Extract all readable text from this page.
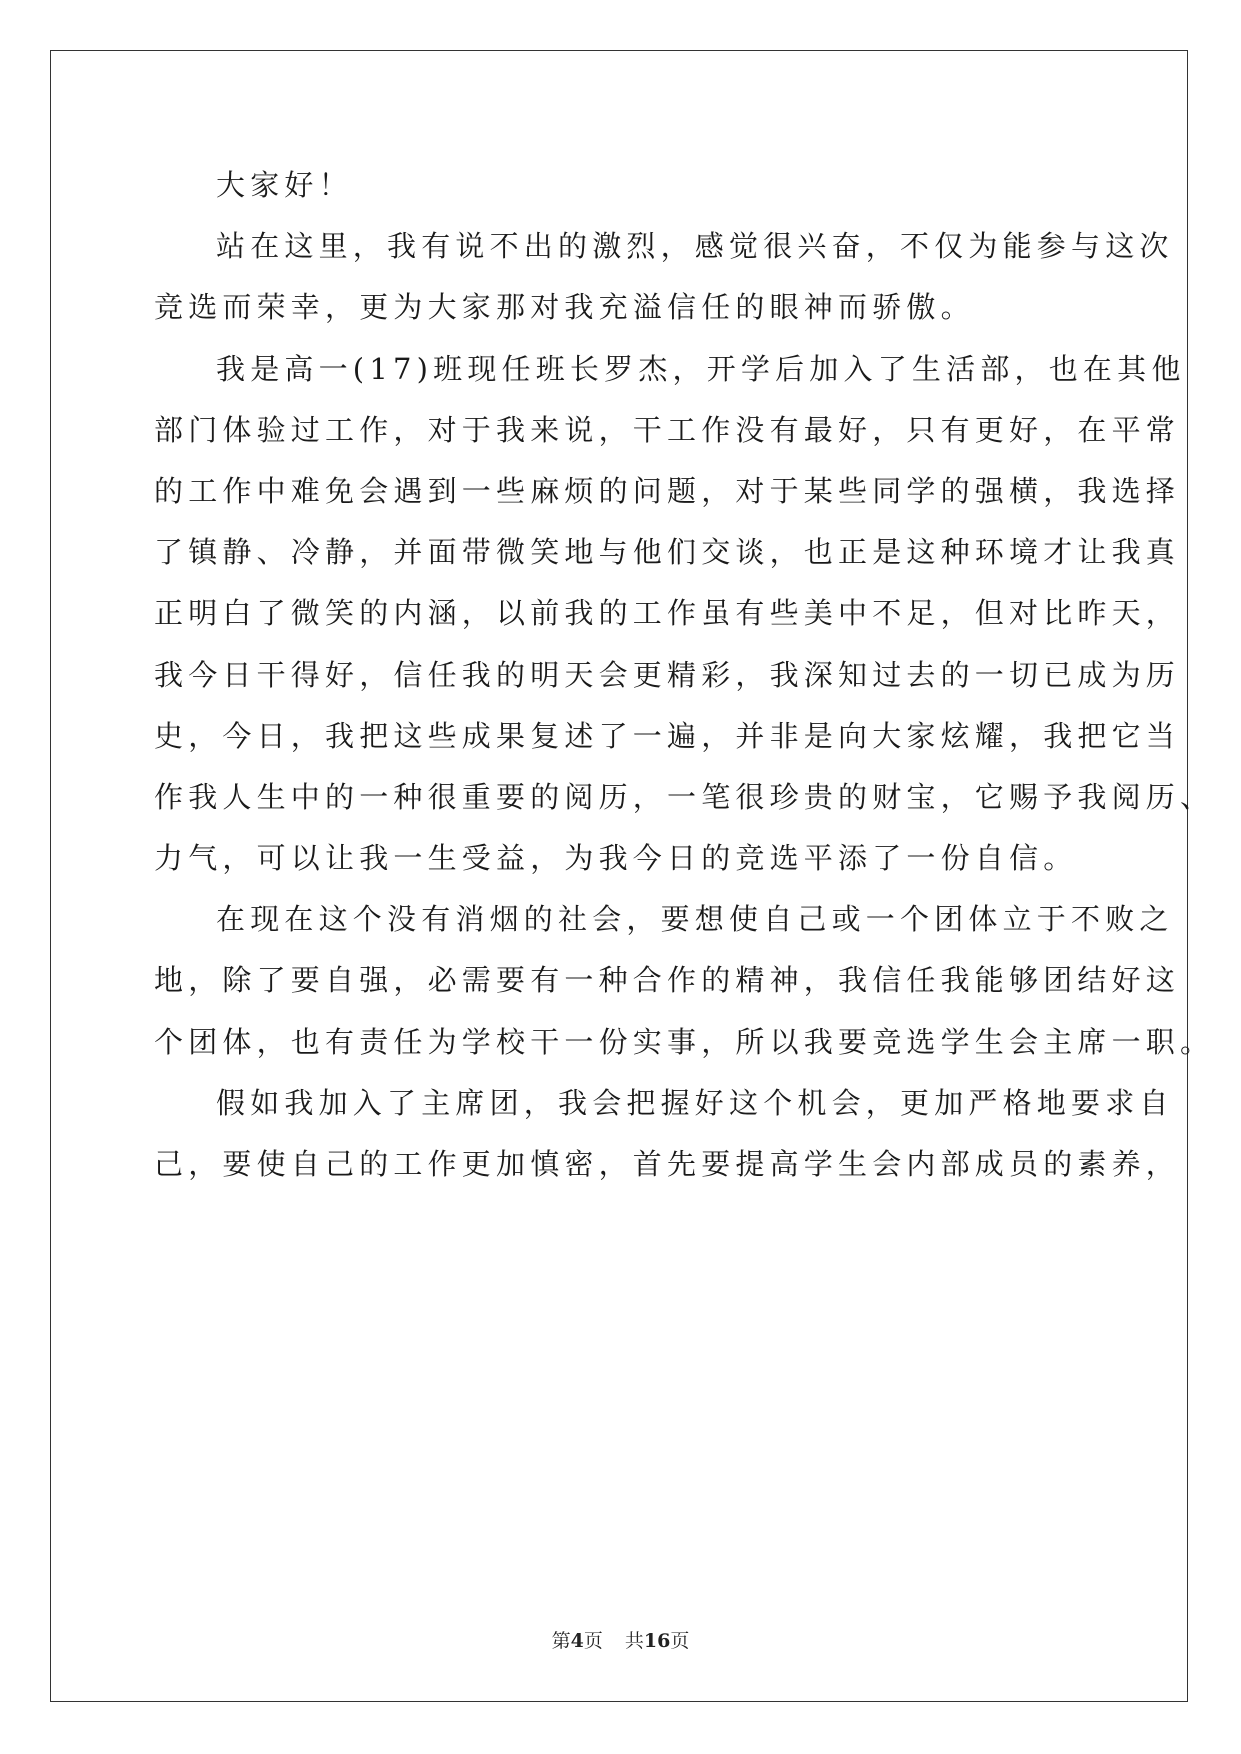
大家好！
站在这里，我有说不出的激烈，感觉很兴奋，不仅为能参与这次
竞选而荣幸，更为大家那对我充溢信任的眼神而骄傲。
我是高一(17)班现任班长罗杰，开学后加入了生活部，也在其他
部门体验过工作，对于我来说，干工作没有最好，只有更好，在平常
的工作中难免会遇到一些麻烦的问题，对于某些同学的强横，我选择
了镇静、冷静，并面带微笑地与他们交谈，也正是这种环境才让我真
正明白了微笑的内涵，以前我的工作虽有些美中不足，但对比昨天，
我今日干得好，信任我的明天会更精彩，我深知过去的一切已成为历
史，今日，我把这些成果复述了一遍，并非是向大家炫耀，我把它当
作我人生中的一种很重要的阅历，一笔很珍贵的财宝，它赐予我阅历、
力气，可以让我一生受益，为我今日的竞选平添了一份自信。
在现在这个没有消烟的社会，要想使自己或一个团体立于不败之
地，除了要自强，必需要有一种合作的精神，我信任我能够团结好这
个团体，也有责任为学校干一份实事，所以我要竞选学生会主席一职。
假如我加入了主席团，我会把握好这个机会，更加严格地要求自
己，要使自己的工作更加慎密，首先要提高学生会内部成员的素养，
第4页 共16页
